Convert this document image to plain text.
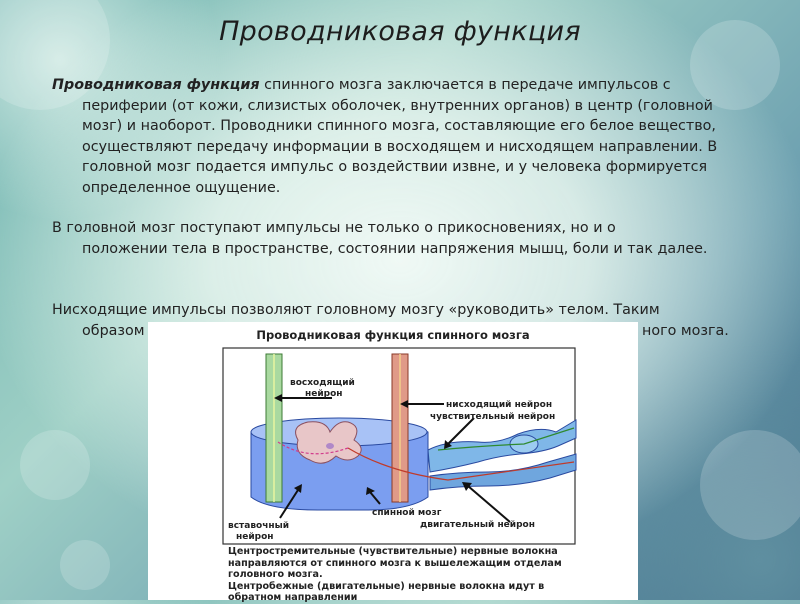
Проводниковая функция
Проводниковая функция спинного мозга заключается в передаче импульсов с
периферии (от кожи, слизистых оболочек, внутренних органов) в центр (головной мозг) и наоборот. Проводники спинного мозга, составляющие его белое вещество, осуществляют передачу информации в восходящем и нисходящем направлении. В головной мозг подается импульс о воздействии извне, и у человека формируется определенное ощущение.
В головной мозг поступают импульсы не только о прикосновениях, но и о
положении тела в пространстве, состоянии напряжения мышц, боли и так далее.
Нисходящие импульсы позволяют головному мозгу «руководить» телом. Таким
образом	ного мозга.
Проводниковая функция спинного мозга
восходящий
нейрон
нисходящий нейрон
чувствительный нейрон
вставочный
нейрон
спинной мозг
двигательный нейрон
Центростремительные (чувствительные) нервные волокна
направляются от спинного мозга к вышележащим отделам
головного мозга.
Центробежные (двигательные) нервные волокна идут в
обратном направлении
